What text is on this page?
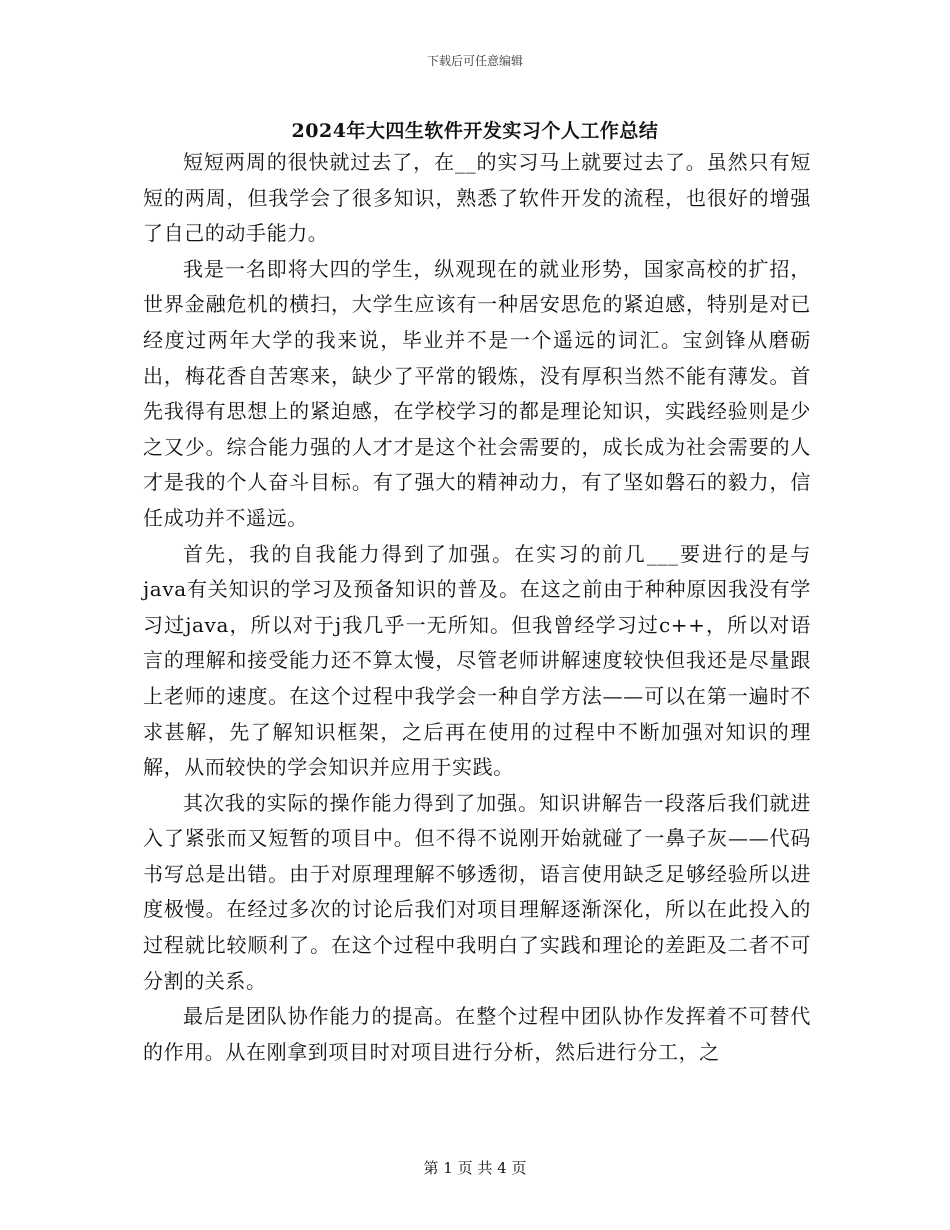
下载后可任意编辑
2024年大四生软件开发实习个人工作总结

短短两周的很快就过去了，在__的实习马上就要过去了。虽然只有短短的两周，但我学会了很多知识，熟悉了软件开发的流程，也很好的增强了自己的动手能力。

我是一名即将大四的学生，纵观现在的就业形势，国家高校的扩招，世界金融危机的横扫，大学生应该有一种居安思危的紧迫感，特别是对已经度过两年大学的我来说，毕业并不是一个遥远的词汇。宝剑锋从磨砺出，梅花香自苦寒来，缺少了平常的锻炼，没有厚积当然不能有薄发。首先我得有思想上的紧迫感，在学校学习的都是理论知识，实践经验则是少之又少。综合能力强的人才才是这个社会需要的，成长成为社会需要的人才是我的个人奋斗目标。有了强大的精神动力，有了坚如磐石的毅力，信任成功并不遥远。

首先，我的自我能力得到了加强。在实习的前几___要进行的是与java有关知识的学习及预备知识的普及。在这之前由于种种原因我没有学习过java，所以对于j我几乎一无所知。但我曾经学习过c++，所以对语言的理解和接受能力还不算太慢，尽管老师讲解速度较快但我还是尽量跟上老师的速度。在这个过程中我学会一种自学方法——可以在第一遍时不求甚解，先了解知识框架，之后再在使用的过程中不断加强对知识的理解，从而较快的学会知识并应用于实践。

其次我的实际的操作能力得到了加强。知识讲解告一段落后我们就进入了紧张而又短暂的项目中。但不得不说刚开始就碰了一鼻子灰——代码书写总是出错。由于对原理理解不够透彻，语言使用缺乏足够经验所以进度极慢。在经过多次的讨论后我们对项目理解逐渐深化，所以在此投入的过程就比较顺利了。在这个过程中我明白了实践和理论的差距及二者不可分割的关系。

最后是团队协作能力的提高。在整个过程中团队协作发挥着不可替代的作用。从在刚拿到项目时对项目进行分析，然后进行分工，之

第 1 页 共 4 页
